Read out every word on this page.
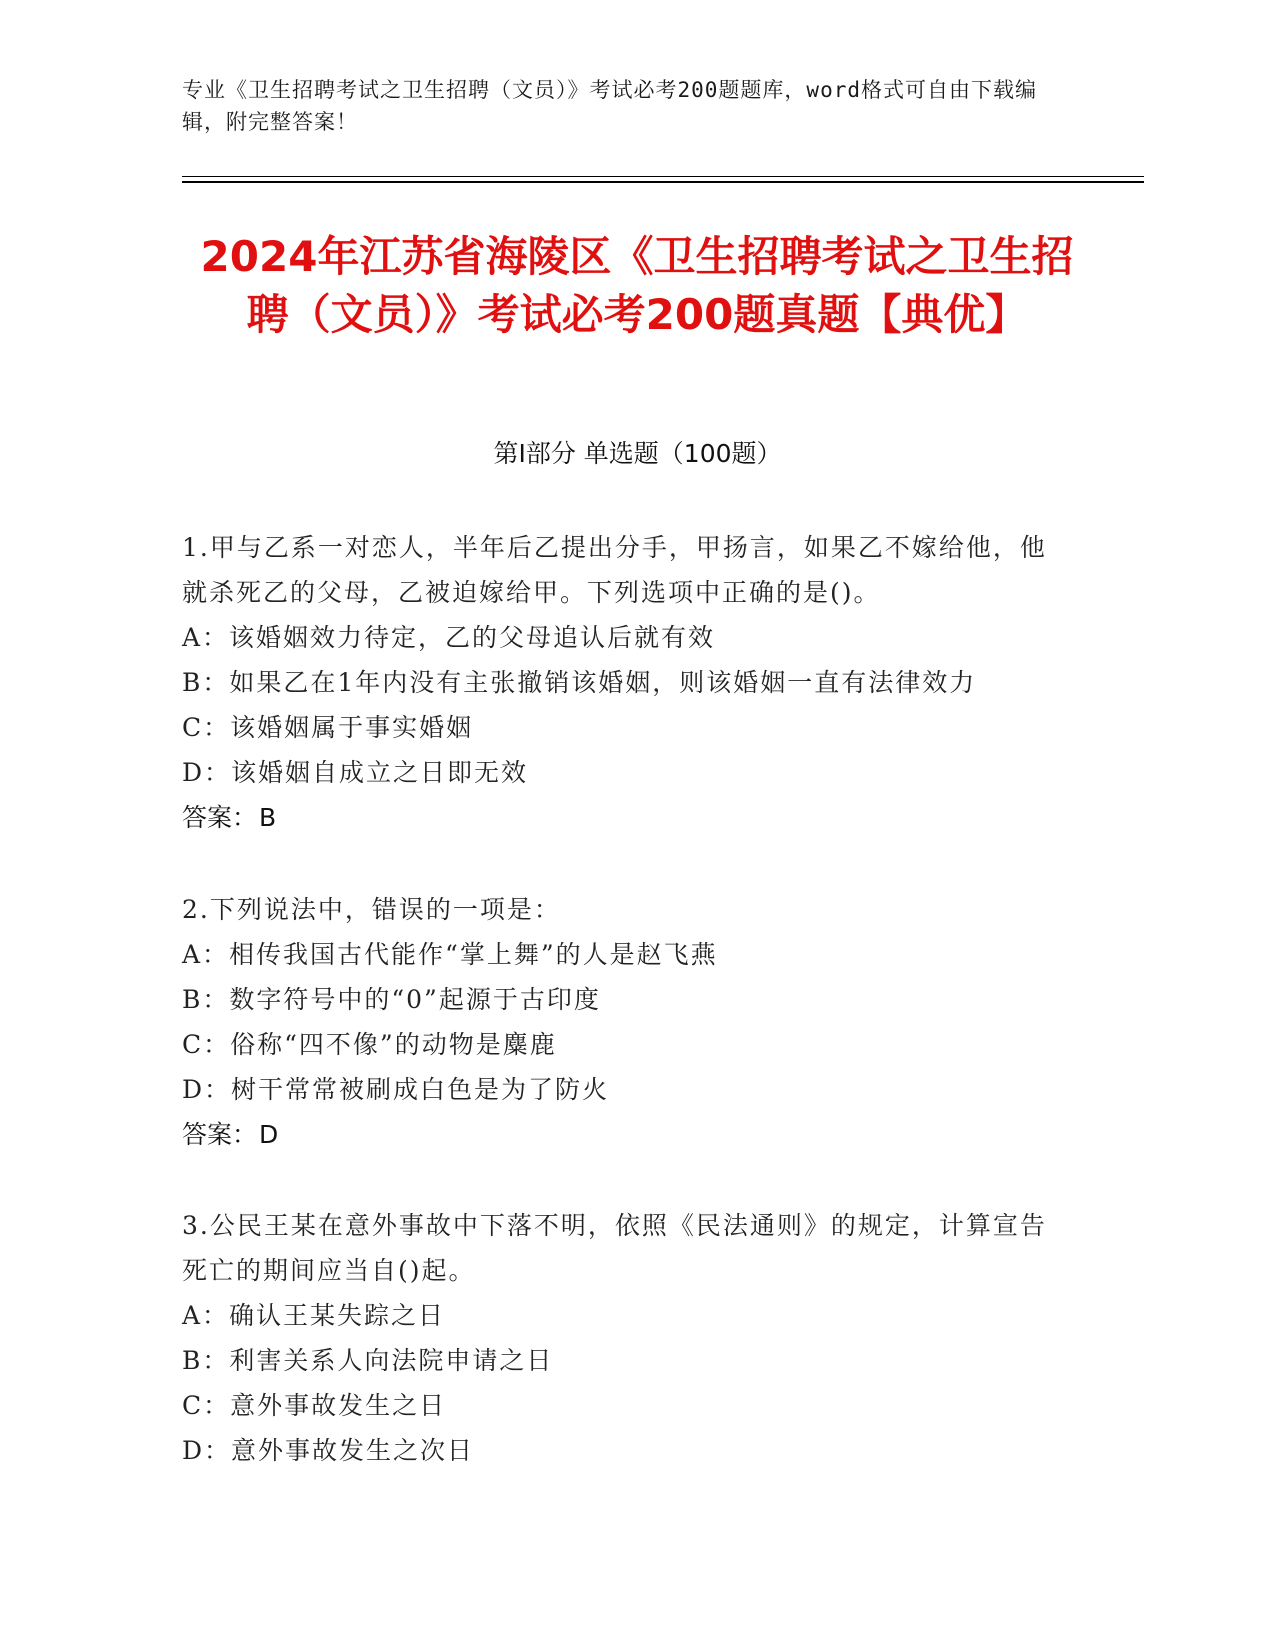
专业《卫生招聘考试之卫生招聘（文员）》考试必考200题题库，word格式可自由下载编辑，附完整答案！
2024年江苏省海陵区《卫生招聘考试之卫生招聘（文员）》考试必考200题真题【典优】
第I部分 单选题（100题）
1.甲与乙系一对恋人，半年后乙提出分手，甲扬言，如果乙不嫁给他，他就杀死乙的父母，乙被迫嫁给甲。下列选项中正确的是()。
A：该婚姻效力待定，乙的父母追认后就有效
B：如果乙在1年内没有主张撤销该婚姻，则该婚姻一直有法律效力
C：该婚姻属于事实婚姻
D：该婚姻自成立之日即无效
答案：B
2.下列说法中，错误的一项是：
A：相传我国古代能作“掌上舞”的人是赵飞燕
B：数字符号中的“0”起源于古印度
C：俗称“四不像”的动物是麋鹿
D：树干常常被刷成白色是为了防火
答案：D
3.公民王某在意外事故中下落不明，依照《民法通则》的规定，计算宣告死亡的期间应当自()起。
A：确认王某失踪之日
B：利害关系人向法院申请之日
C：意外事故发生之日
D：意外事故发生之次日
